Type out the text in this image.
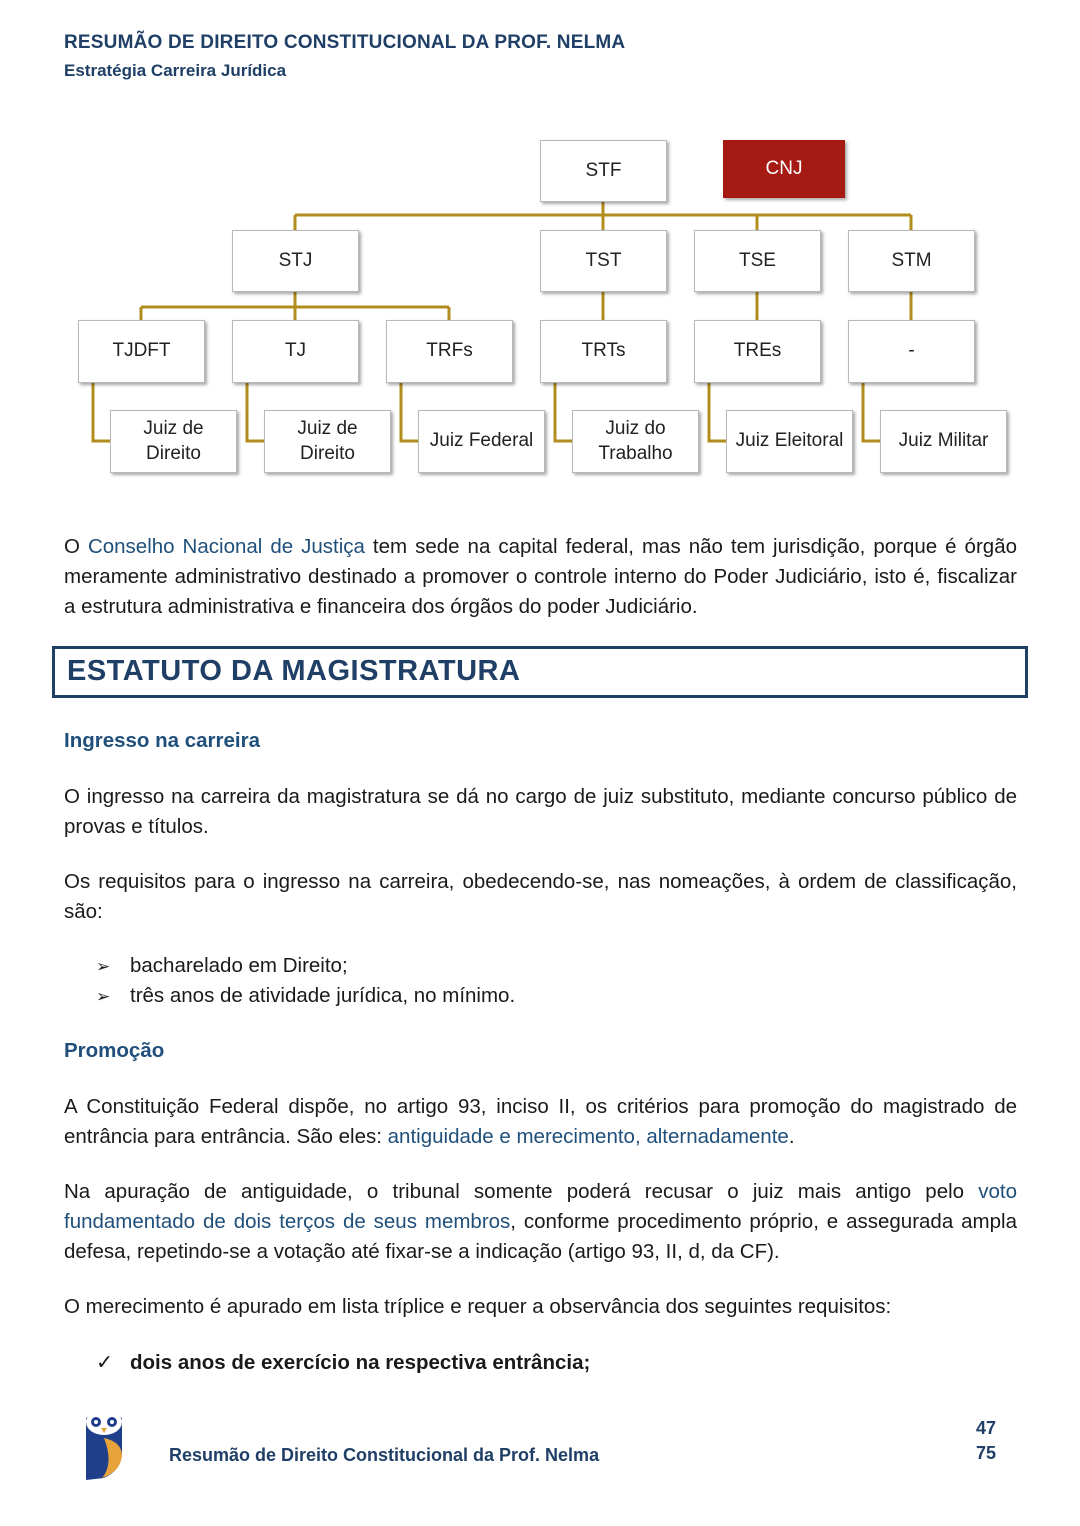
RESUMÃO DE DIREITO CONSTITUCIONAL DA PROF. NELMA
Estratégia Carreira Jurídica
STF	CNJ
STJ	TST	TSE	STM
TJDFT	TJ	TRFs	TRTs	TREs	-
Juiz de Direito
Juiz de Direito
Juiz Federal
Juiz do Trabalho
Juiz Eleitoral	Juiz Militar
O Conselho Nacional de Justiça tem sede na capital federal, mas não tem jurisdição, porque é órgão meramente administrativo destinado a promover o controle interno do Poder Judiciário, isto é, fiscalizar a estrutura administrativa e financeira dos órgãos do poder Judiciário.
ESTATUTO DA MAGISTRATURA
Ingresso na carreira
O ingresso na carreira da magistratura se dá no cargo de juiz substituto, mediante concurso público de provas e títulos.
Os requisitos para o ingresso na carreira, obedecendo-se, nas nomeações, à ordem de classificação, são:
➢ bacharelado em Direito;
➢ três anos de atividade jurídica, no mínimo.
Promoção
A Constituição Federal dispõe, no artigo 93, inciso II, os critérios para promoção do magistrado de entrância para entrância. São eles: antiguidade e merecimento, alternadamente.
Na apuração de antiguidade, o tribunal somente poderá recusar o juiz mais antigo pelo voto fundamentado de dois terços de seus membros, conforme procedimento próprio, e assegurada ampla defesa, repetindo-se a votação até fixar-se a indicação (artigo 93, II, d, da CF).
O merecimento é apurado em lista tríplice e requer a observância dos seguintes requisitos:
✓ dois anos de exercício na respectiva entrância;
Resumão de Direito Constitucional da Prof. Nelma
47
75
